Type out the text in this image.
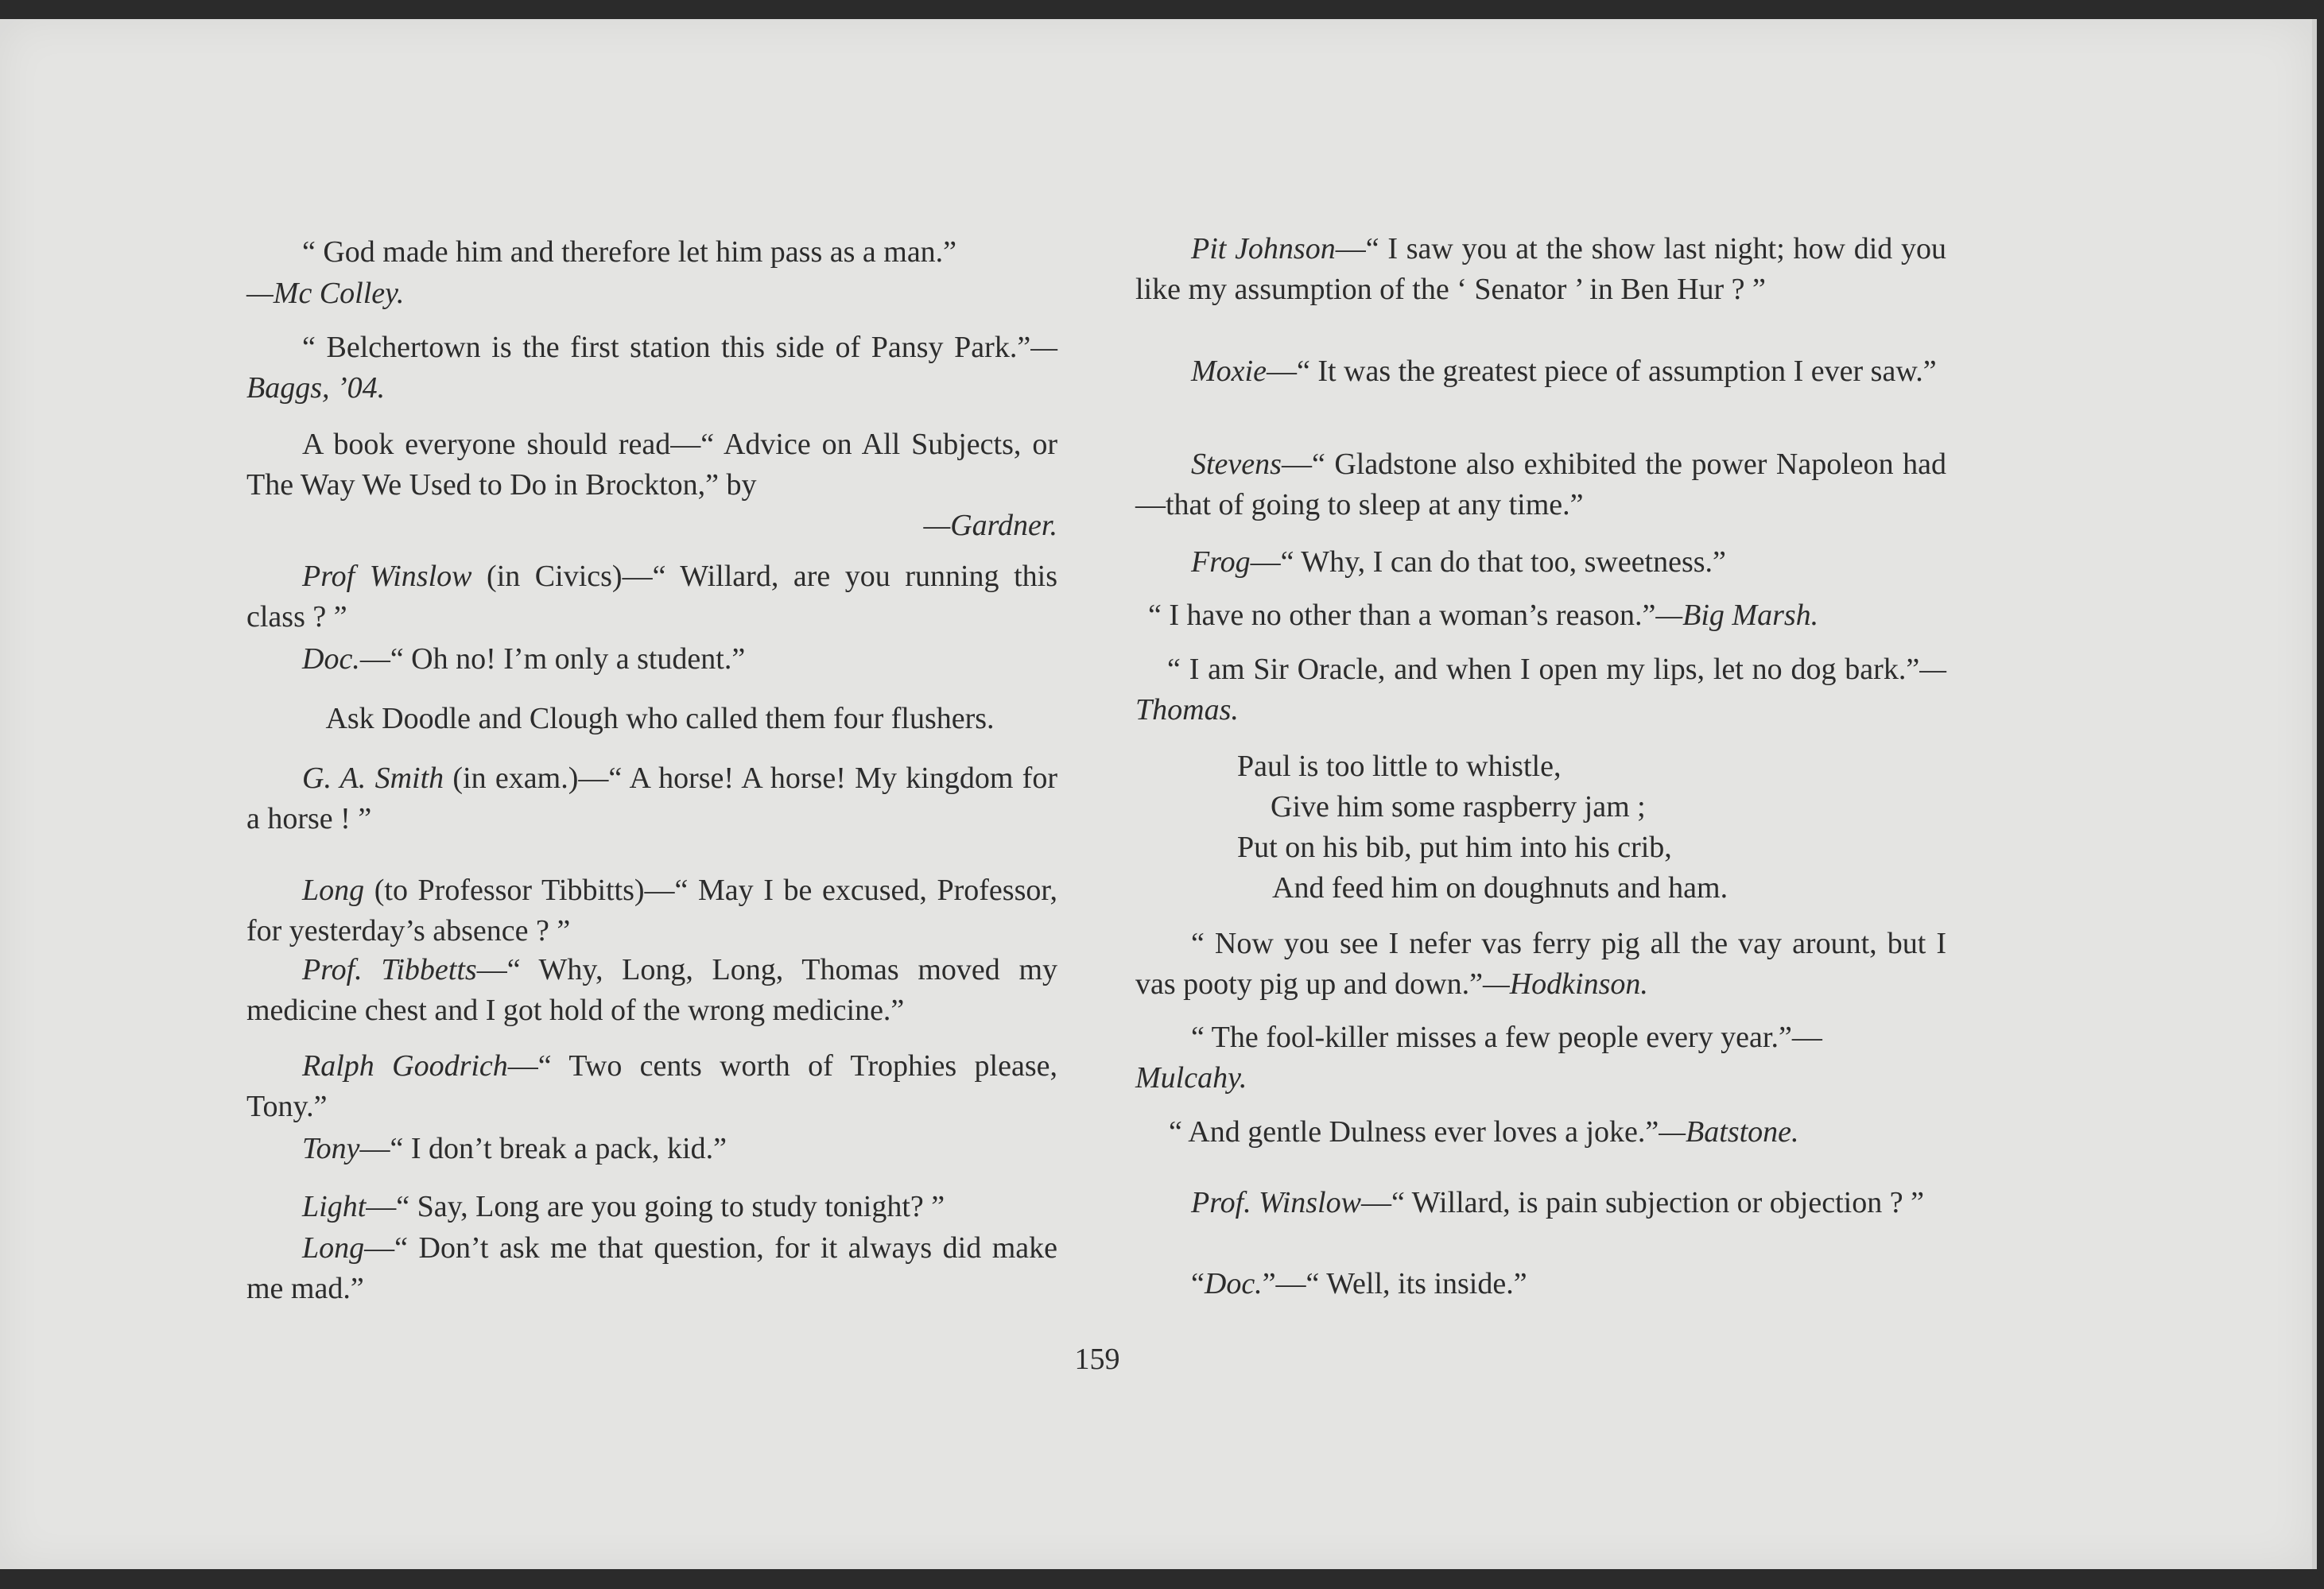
“ God made him and therefore let him pass as a man.”
—Mc Colley.
“ Belchertown is the first station this side of Pansy Park.”—Baggs, ’04.
A book everyone should read—“ Advice on All Subjects, or The Way We Used to Do in Brockton,” by
—Gardner.
Prof Winslow (in Civics)—“ Willard, are you running this class ? ”
Doc.—“ Oh no! I’m only a student.”
Ask Doodle and Clough who called them four flushers.
G. A. Smith (in exam.)—“ A horse! A horse! My kingdom for a horse ! ”
Long (to Professor Tibbitts)—“ May I be excused, Professor, for yesterday’s absence ? ”
Prof. Tibbetts—“ Why, Long, Long, Thomas moved my medicine chest and I got hold of the wrong medicine.”
Ralph Goodrich—“ Two cents worth of Trophies please, Tony.”
Tony—“ I don’t break a pack, kid.”
Light—“ Say, Long are you going to study tonight? ”
Long—“ Don’t ask me that question, for it always did make me mad.”
Pit Johnson—“ I saw you at the show last night; how did you like my assumption of the ‘ Senator ’ in Ben Hur ? ”
Moxie—“ It was the greatest piece of assumption I ever saw.”
Stevens—“ Gladstone also exhibited the power Napoleon had—that of going to sleep at any time.”
Frog—“ Why, I can do that too, sweetness.”
“ I have no other than a woman’s reason.”—Big Marsh.
“ I am Sir Oracle, and when I open my lips, let no dog bark.”— Thomas.
Paul is too little to whistle,
Give him some raspberry jam ;
Put on his bib, put him into his crib,
And feed him on doughnuts and ham.
“ Now you see I nefer vas ferry pig all the vay arount, but I vas pooty pig up and down.”—Hodkinson.
“ The fool-killer misses a few people every year.”—
Mulcahy.
“ And gentle Dulness ever loves a joke.”—Batstone.
Prof. Winslow—“ Willard, is pain subjection or objection ? ”
“Doc.”—“ Well, its inside.”
159
